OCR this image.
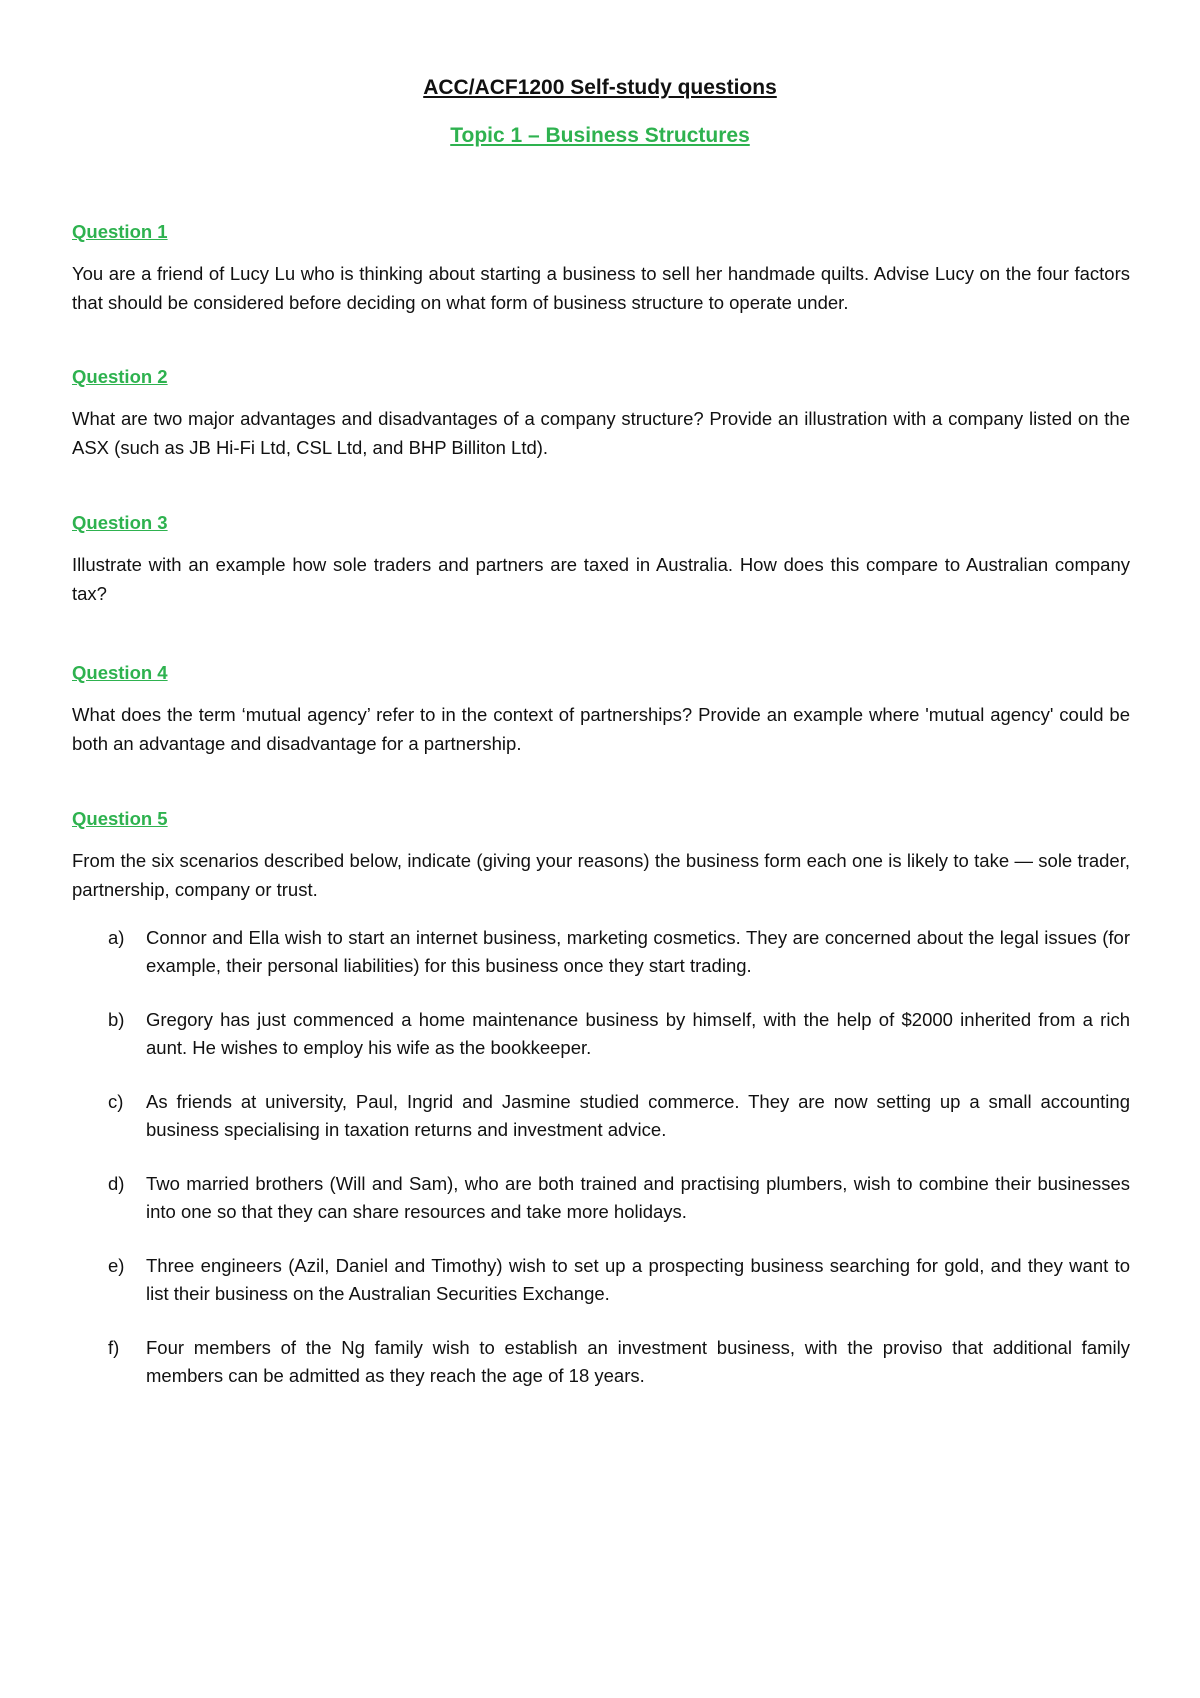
ACC/ACF1200 Self-study questions
Topic 1 – Business Structures
Question 1

You are a friend of Lucy Lu who is thinking about starting a business to sell her handmade quilts. Advise Lucy on the four factors that should be considered before deciding on what form of business structure to operate under.

Question 2

What are two major advantages and disadvantages of a company structure? Provide an illustration with a company listed on the ASX (such as JB Hi-Fi Ltd, CSL Ltd, and BHP Billiton Ltd).

Question 3

Illustrate with an example how sole traders and partners are taxed in Australia. How does this compare to Australian company tax?

Question 4

What does the term ‘mutual agency’ refer to in the context of partnerships? Provide an example where 'mutual agency' could be both an advantage and disadvantage for a partnership.

Question 5

From the six scenarios described below, indicate (giving your reasons) the business form each one is likely to take — sole trader, partnership, company or trust.

a) Connor and Ella wish to start an internet business, marketing cosmetics. They are concerned about the legal issues (for example, their personal liabilities) for this business once they start trading.
b) Gregory has just commenced a home maintenance business by himself, with the help of $2000 inherited from a rich aunt. He wishes to employ his wife as the bookkeeper.
c) As friends at university, Paul, Ingrid and Jasmine studied commerce. They are now setting up a small accounting business specialising in taxation returns and investment advice.
d) Two married brothers (Will and Sam), who are both trained and practising plumbers, wish to combine their businesses into one so that they can share resources and take more holidays.
e) Three engineers (Azil, Daniel and Timothy) wish to set up a prospecting business searching for gold, and they want to list their business on the Australian Securities Exchange.
f) Four members of the Ng family wish to establish an investment business, with the proviso that additional family members can be admitted as they reach the age of 18 years.
